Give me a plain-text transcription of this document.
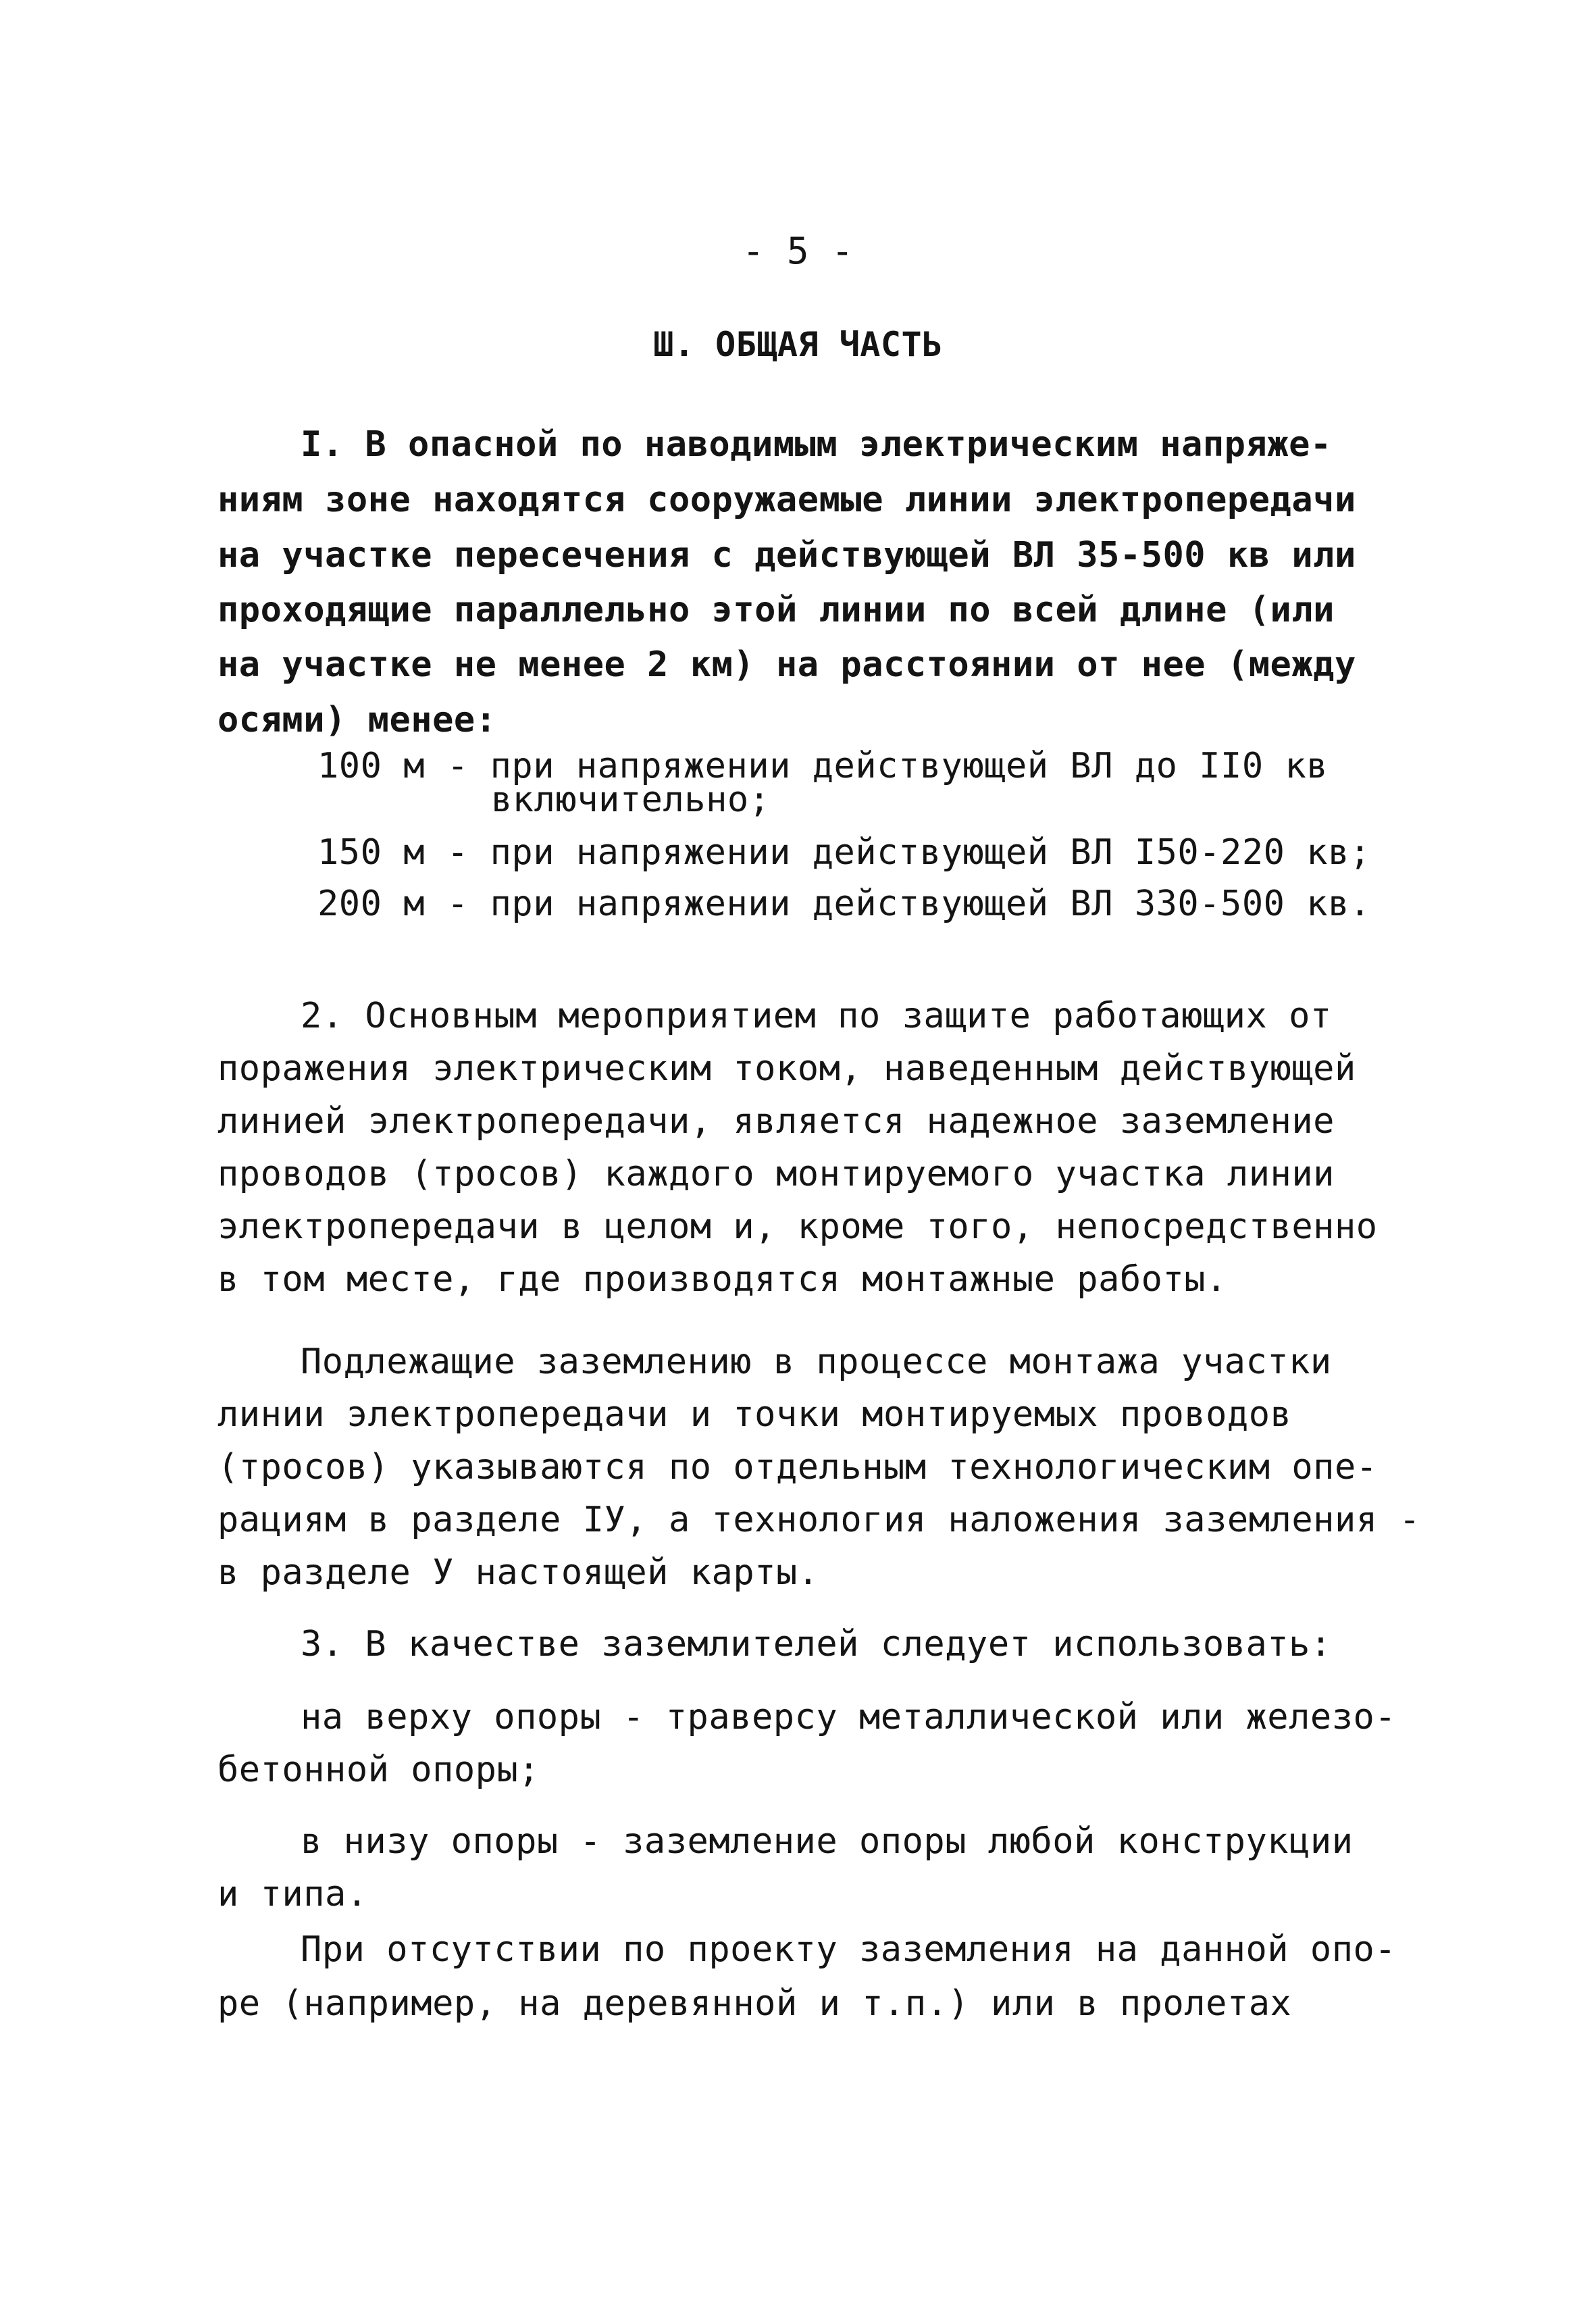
- 5 -
Ш. ОБЩАЯ ЧАСТЬ
I. В опасной по наводимым электрическим напряже-
ниям зоне находятся сооружаемые линии электропередачи
на участке пересечения с действующей ВЛ 35-500 кв или
проходящие параллельно этой линии по всей длине (или
на участке не менее 2 км) на расстоянии от нее (между
осями) менее:
100 м - при напряжении действующей ВЛ до II0 кв
включительно;
150 м - при напряжении действующей ВЛ I50-220 кв;
200 м - при напряжении действующей ВЛ 330-500 кв.
2. Основным мероприятием по защите работающих от
поражения электрическим током, наведенным действующей
линией электропередачи, является надежное заземление
проводов (тросов) каждого монтируемого участка линии
электропередачи в целом и, кроме того, непосредственно
в том месте, где производятся монтажные работы.
Подлежащие заземлению в процессе монтажа участки
линии электропередачи и точки монтируемых проводов
(тросов) указываются по отдельным технологическим опе-
рациям в разделе IУ, а технология наложения заземления -
в разделе У настоящей карты.
3. В качестве заземлителей следует использовать:
на верху опоры - траверсу металлической или железо-
бетонной опоры;
в низу опоры - заземление опоры любой конструкции
и типа.
При отсутствии по проекту заземления на данной опо-
ре (например, на деревянной и т.п.) или в пролетах
